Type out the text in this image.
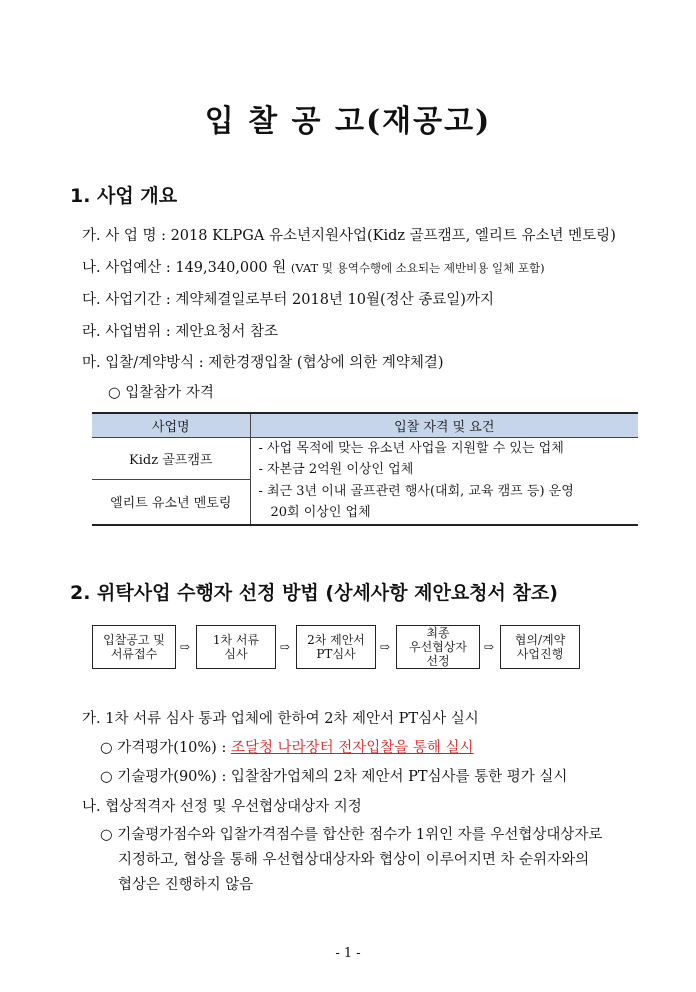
입 찰 공 고(재공고)
1. 사업 개요
가. 사 업 명 : 2018 KLPGA 유소년지원사업(Kidz 골프캠프, 엘리트 유소년 멘토링)
나. 사업예산 : 149,340,000 원 (VAT 및 용역수행에 소요되는 제반비용 일체 포함)
다. 사업기간 : 계약체결일로부터 2018년 10월(정산 종료일)까지
라. 사업범위 : 제안요청서 참조
마. 입찰/계약방식 : 제한경쟁입찰 (협상에 의한 계약체결)
○ 입찰참가 자격
사업명	입찰 자격 및 요건
Kidz 골프캠프	- 사업 목적에 맞는 유소년 사업을 지원할 수 있는 업체
- 자본금 2억원 이상인 업체

엘리트 유소년 멘토링	- 최근 3년 이내 골프관련 행사(대회, 교육 캠프 등) 운영
20회 이상인 업체
2. 위탁사업 수행자 선정 방법 (상세사항 제안요청서 참조)
입찰공고 및
서류접수	⇨ 1차 서류
심사	⇨ 2차 제안서
PT심사	⇨
최종
우선협상자
선정
⇨ 협의/계약
사업진행
가. 1차 서류 심사 통과 업체에 한하여 2차 제안서 PT심사 실시
○ 가격평가(10%) : 조달청 나라장터 전자입찰을 통해 실시
○ 기술평가(90%) : 입찰참가업체의 2차 제안서 PT심사를 통한 평가 실시
나. 협상적격자 선정 및 우선협상대상자 지정
○ 기술평가점수와 입찰가격점수를 합산한 점수가 1위인 자를 우선협상대상자로
지정하고, 협상을 통해 우선협상대상자와 협상이 이루어지면 차 순위자와의
협상은 진행하지 않음
- 1 -
